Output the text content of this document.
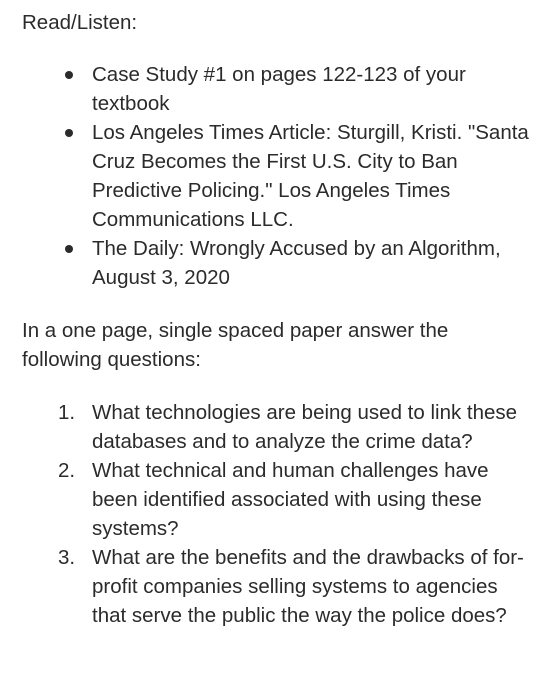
Read/Listen:

Case Study #1 on pages 122-123 of your textbook
Los Angeles Times Article: Sturgill, Kristi. "Santa Cruz Becomes the First U.S. City to Ban Predictive Policing." Los Angeles Times Communications LLC.
The Daily: Wrongly Accused by an Algorithm, August 3, 2020

In a one page, single spaced paper answer the following questions:

1. What technologies are being used to link these databases and to analyze the crime data?
2. What technical and human challenges have been identified associated with using these systems?
3. What are the benefits and the drawbacks of for-profit companies selling systems to agencies that serve the public the way the police does?
